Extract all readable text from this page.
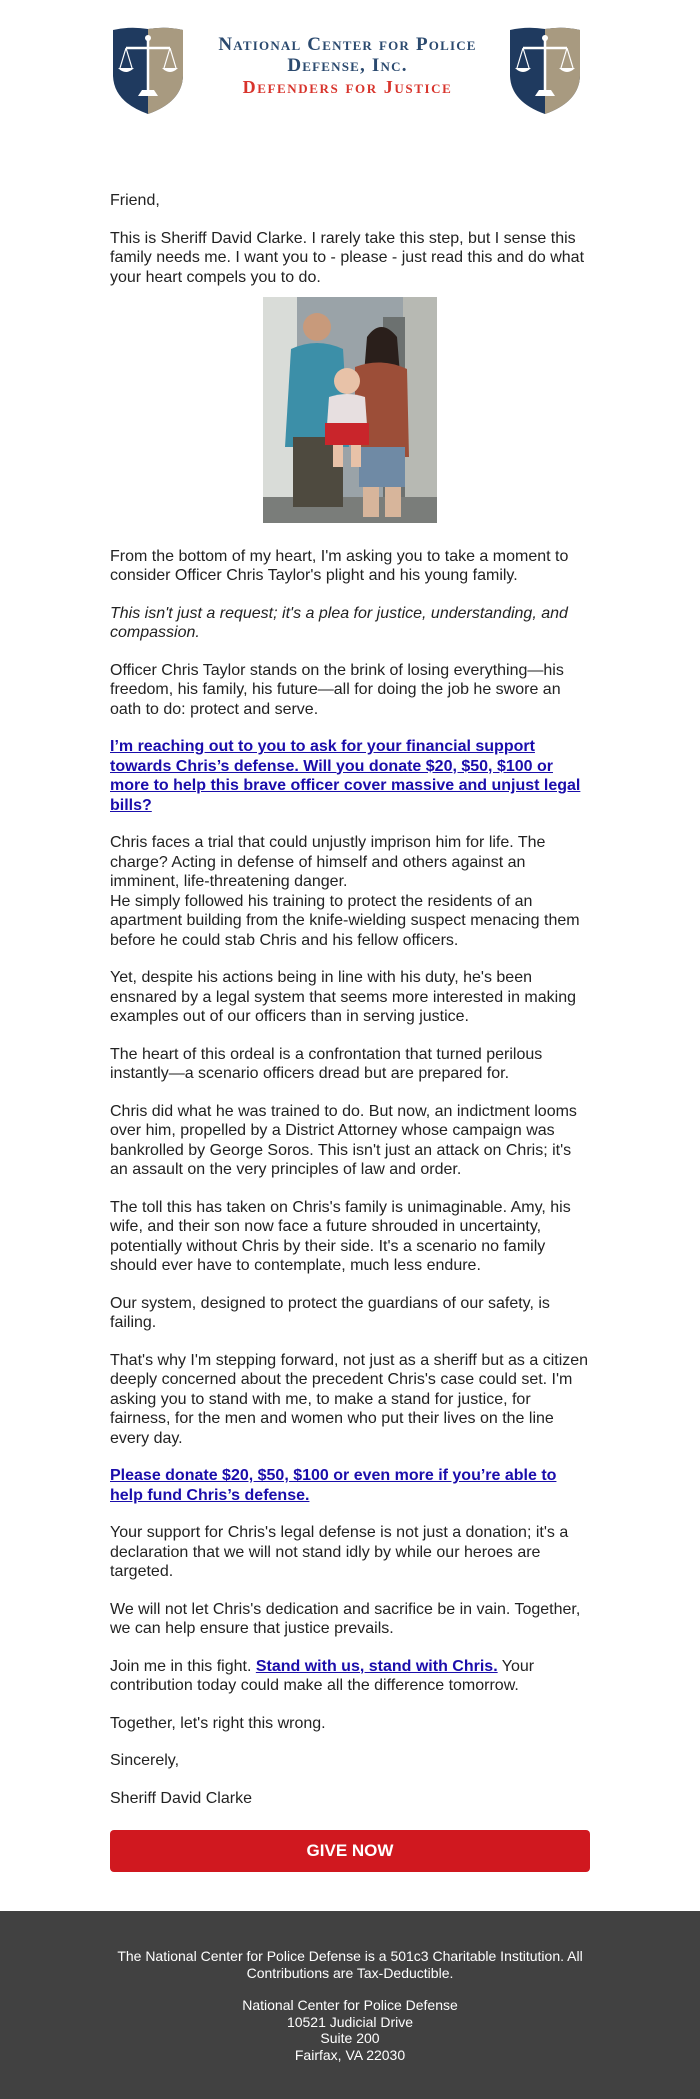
National Center for Police Defense, Inc.
Defenders for Justice

Friend,

This is Sheriff David Clarke. I rarely take this step, but I sense this family needs me. I want you to - please - just read this and do what your heart compels you to do.

From the bottom of my heart, I'm asking you to take a moment to consider Officer Chris Taylor's plight and his young family.

This isn't just a request; it's a plea for justice, understanding, and compassion.

Officer Chris Taylor stands on the brink of losing everything—his freedom, his family, his future—all for doing the job he swore an oath to do: protect and serve.

I’m reaching out to you to ask for your financial support towards Chris’s defense. Will you donate $20, $50, $100 or more to help this brave officer cover massive and unjust legal bills?

Chris faces a trial that could unjustly imprison him for life. The charge? Acting in defense of himself and others against an imminent, life-threatening danger.
He simply followed his training to protect the residents of an apartment building from the knife-wielding suspect menacing them before he could stab Chris and his fellow officers.

Yet, despite his actions being in line with his duty, he's been ensnared by a legal system that seems more interested in making examples out of our officers than in serving justice.

The heart of this ordeal is a confrontation that turned perilous instantly—a scenario officers dread but are prepared for.

Chris did what he was trained to do. But now, an indictment looms over him, propelled by a District Attorney whose campaign was bankrolled by George Soros. This isn't just an attack on Chris; it's an assault on the very principles of law and order.

The toll this has taken on Chris's family is unimaginable. Amy, his wife, and their son now face a future shrouded in uncertainty, potentially without Chris by their side. It's a scenario no family should ever have to contemplate, much less endure.

Our system, designed to protect the guardians of our safety, is failing.

That's why I'm stepping forward, not just as a sheriff but as a citizen deeply concerned about the precedent Chris's case could set. I'm asking you to stand with me, to make a stand for justice, for fairness, for the men and women who put their lives on the line every day.

Please donate $20, $50, $100 or even more if you’re able to help fund Chris’s defense.

Your support for Chris's legal defense is not just a donation; it's a declaration that we will not stand idly by while our heroes are targeted.

We will not let Chris's dedication and sacrifice be in vain. Together, we can help ensure that justice prevails.

Join me in this fight. Stand with us, stand with Chris. Your contribution today could make all the difference tomorrow.

Together, let's right this wrong.

Sincerely,

Sheriff David Clarke

GIVE NOW
The National Center for Police Defense is a 501c3 Charitable Institution. All Contributions are Tax-Deductible.
National Center for Police Defense
10521 Judicial Drive
Suite 200
Fairfax, VA 22030
